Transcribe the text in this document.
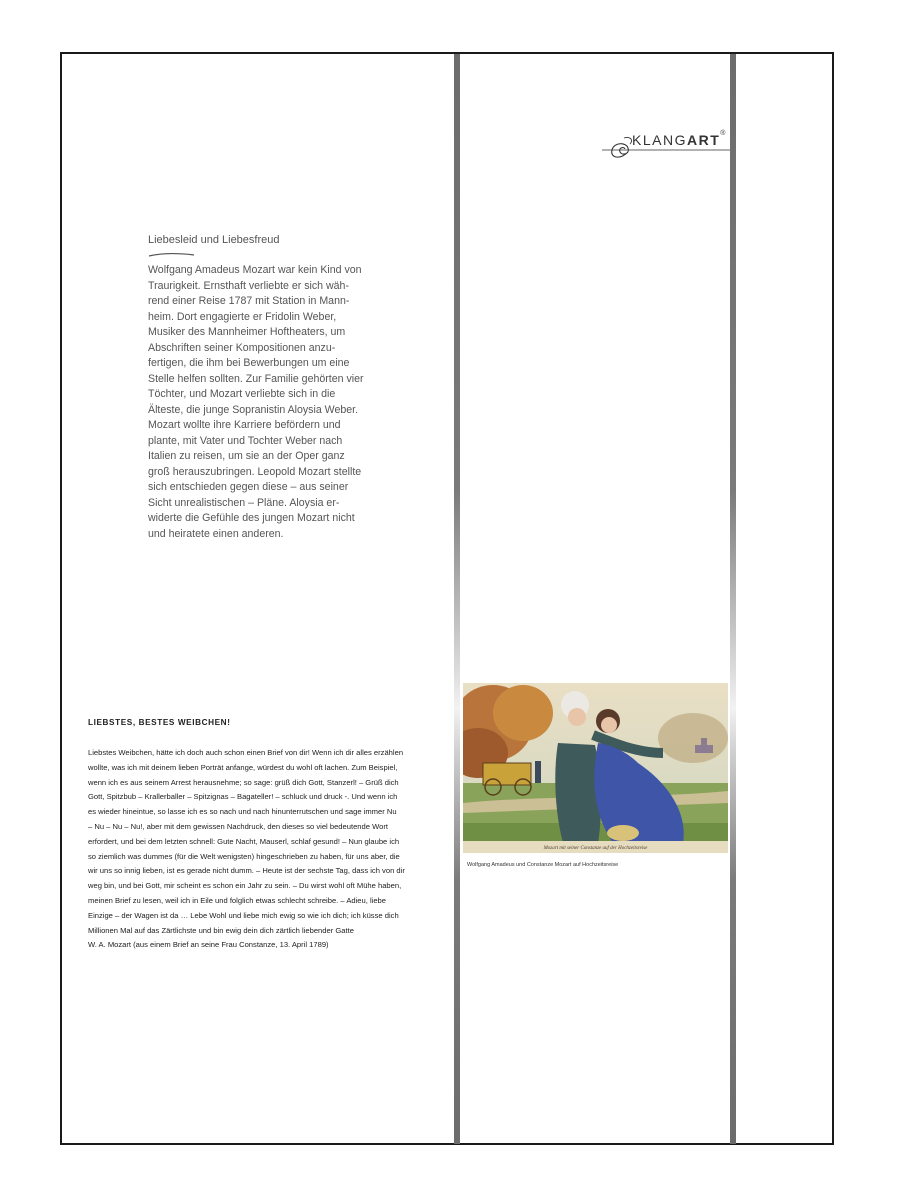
KLANGART®
Liebesleid und Liebesfreud
Wolfgang Amadeus Mozart war kein Kind von
Traurigkeit. Ernsthaft verliebte er sich wäh-
rend einer Reise 1787 mit Station in Mann-
heim. Dort engagierte er Fridolin Weber,
Musiker des Mannheimer Hoftheaters, um
Abschriften seiner Kompositionen anzu-
fertigen, die ihm bei Bewerbungen um eine
Stelle helfen sollten. Zur Familie gehörten vier
Töchter, und Mozart verliebte sich in die
Älteste, die junge Sopranistin Aloysia Weber.
Mozart wollte ihre Karriere befördern und
plante, mit Vater und Tochter Weber nach
Italien zu reisen, um sie an der Oper ganz
groß herauszubringen. Leopold Mozart stellte
sich entschieden gegen diese – aus seiner
Sicht unrealistischen – Pläne. Aloysia er-
widerte die Gefühle des jungen Mozart nicht
und heiratete einen anderen.
LIEBSTES, BESTES WEIBCHEN!
Liebstes Weibchen, hätte ich doch auch schon einen Brief von dir! Wenn ich dir alles erzählen
wollte, was ich mit deinem lieben Porträt anfange, würdest du wohl oft lachen. Zum Beispiel,
wenn ich es aus seinem Arrest herausnehme; so sage: grüß dich Gott, Stanzerl! – Grüß dich
Gott, Spitzbub – Krallerballer – Spitzignas – Bagateller! – schluck und druck -. Und wenn ich
es wieder hineintue, so lasse ich es so nach und nach hinunterrutschen und sage immer Nu
– Nu – Nu – Nu!, aber mit dem gewissen Nachdruck, den dieses so viel bedeutende Wort
erfordert, und bei dem letzten schnell: Gute Nacht, Mauserl, schlaf gesund! – Nun glaube ich
so ziemlich was dummes (für die Welt wenigsten) hingeschrieben zu haben, für uns aber, die
wir uns so innig lieben, ist es gerade nicht dumm. – Heute ist der sechste Tag, dass ich von dir
weg bin, und bei Gott, mir scheint es schon ein Jahr zu sein. – Du wirst wohl oft Mühe haben,
meinen Brief zu lesen, weil ich in Eile und folglich etwas schlecht schreibe. – Adieu, liebe
Einzige – der Wagen ist da … Lebe Wohl und liebe mich ewig so wie ich dich; ich küsse dich
Millionen Mal auf das Zärtlichste und bin ewig dein dich zärtlich liebender Gatte
W. A. Mozart (aus einem Brief an seine Frau Constanze, 13. April 1789)
Mozart mit seiner Constanze auf der Hochzeitsreise
Wolfgang Amadeus und Constanze Mozart auf Hochzeitsreise
